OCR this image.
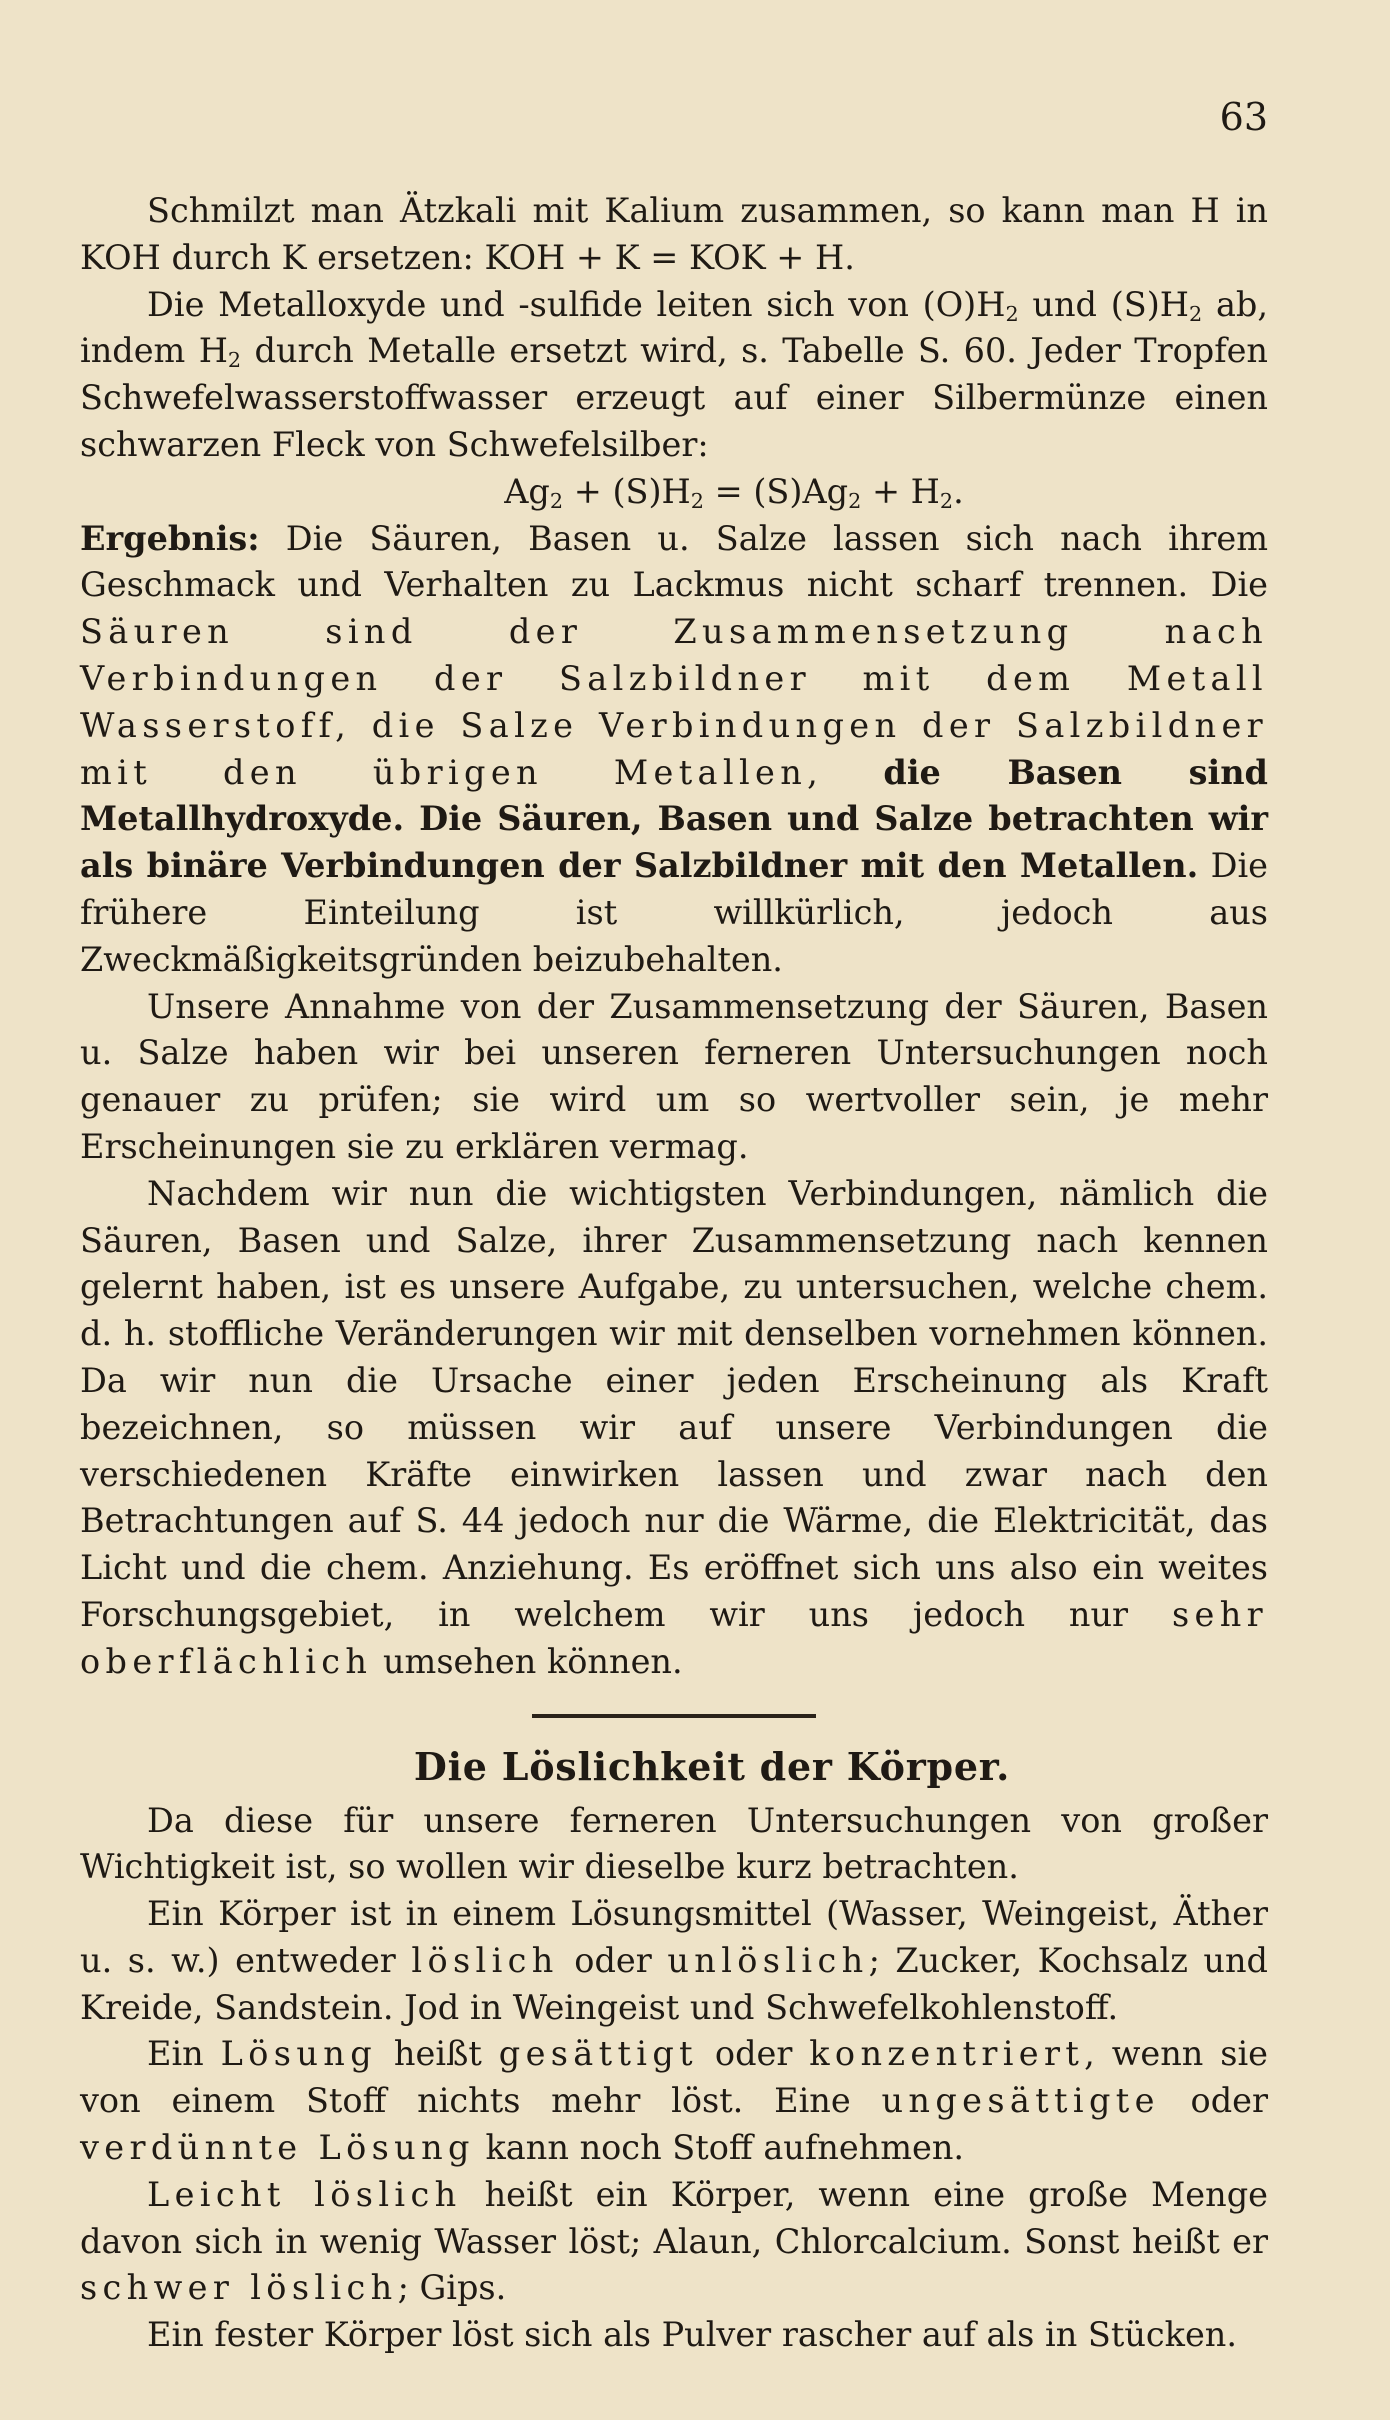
63

Schmilzt man Ätzkali mit Kalium zusammen, so kann man H in KOH durch K ersetzen: KOH + K = KOK + H.

Die Metalloxyde und -sulfide leiten sich von $(O)H_2$ und $(S)H_2$ ab, indem $H_2$ durch Metalle ersetzt wird, s. Tabelle S. 60. Jeder Tropfen Schwefelwasserstoffwasser erzeugt auf einer Silbermünze einen schwarzen Fleck von Schwefelsilber:

$Ag_2 + (S)H_2 = (S)Ag_2 + H_2$.

Ergebnis: Die Säuren, Basen u. Salze lassen sich nach ihrem Geschmack und Verhalten zu Lackmus nicht scharf trennen. Die Säuren sind der Zusammensetzung nach Verbindungen der Salzbildner mit dem Metall Wasserstoff, die Salze Verbindungen der Salzbildner mit den übrigen Metallen, die Basen sind Metallhydroxyde. Die Säuren, Basen und Salze betrachten wir als binäre Verbindungen der Salzbildner mit den Metallen. Die frühere Einteilung ist willkürlich, jedoch aus Zweckmäßigkeitsgründen beizubehalten.

Unsere Annahme von der Zusammensetzung der Säuren, Basen u. Salze haben wir bei unseren ferneren Untersuchungen noch genauer zu prüfen; sie wird um so wertvoller sein, je mehr Erscheinungen sie zu erklären vermag.

Nachdem wir nun die wichtigsten Verbindungen, nämlich die Säuren, Basen und Salze, ihrer Zusammensetzung nach kennen gelernt haben, ist es unsere Aufgabe, zu untersuchen, welche chem. d. h. stoffliche Veränderungen wir mit denselben vornehmen können. Da wir nun die Ursache einer jeden Erscheinung als Kraft bezeichnen, so müssen wir auf unsere Verbindungen die verschiedenen Kräfte einwirken lassen und zwar nach den Betrachtungen auf S. 44 jedoch nur die Wärme, die Elektricität, das Licht und die chem. Anziehung. Es eröffnet sich uns also ein weites Forschungsgebiet, in welchem wir uns jedoch nur sehr oberflächlich umsehen können.

Die Löslichkeit der Körper.

Da diese für unsere ferneren Untersuchungen von großer Wichtigkeit ist, so wollen wir dieselbe kurz betrachten.

Ein Körper ist in einem Lösungsmittel (Wasser, Weingeist, Äther u. s. w.) entweder löslich oder unlöslich; Zucker, Kochsalz und Kreide, Sandstein. Jod in Weingeist und Schwefelkohlenstoff.

Ein Lösung heißt gesättigt oder konzentriert, wenn sie von einem Stoff nichts mehr löst. Eine ungesättigte oder verdünnte Lösung kann noch Stoff aufnehmen.

Leicht löslich heißt ein Körper, wenn eine große Menge davon sich in wenig Wasser löst; Alaun, Chlorcalcium. Sonst heißt er schwer löslich; Gips.

Ein fester Körper löst sich als Pulver rascher auf als in Stücken.
